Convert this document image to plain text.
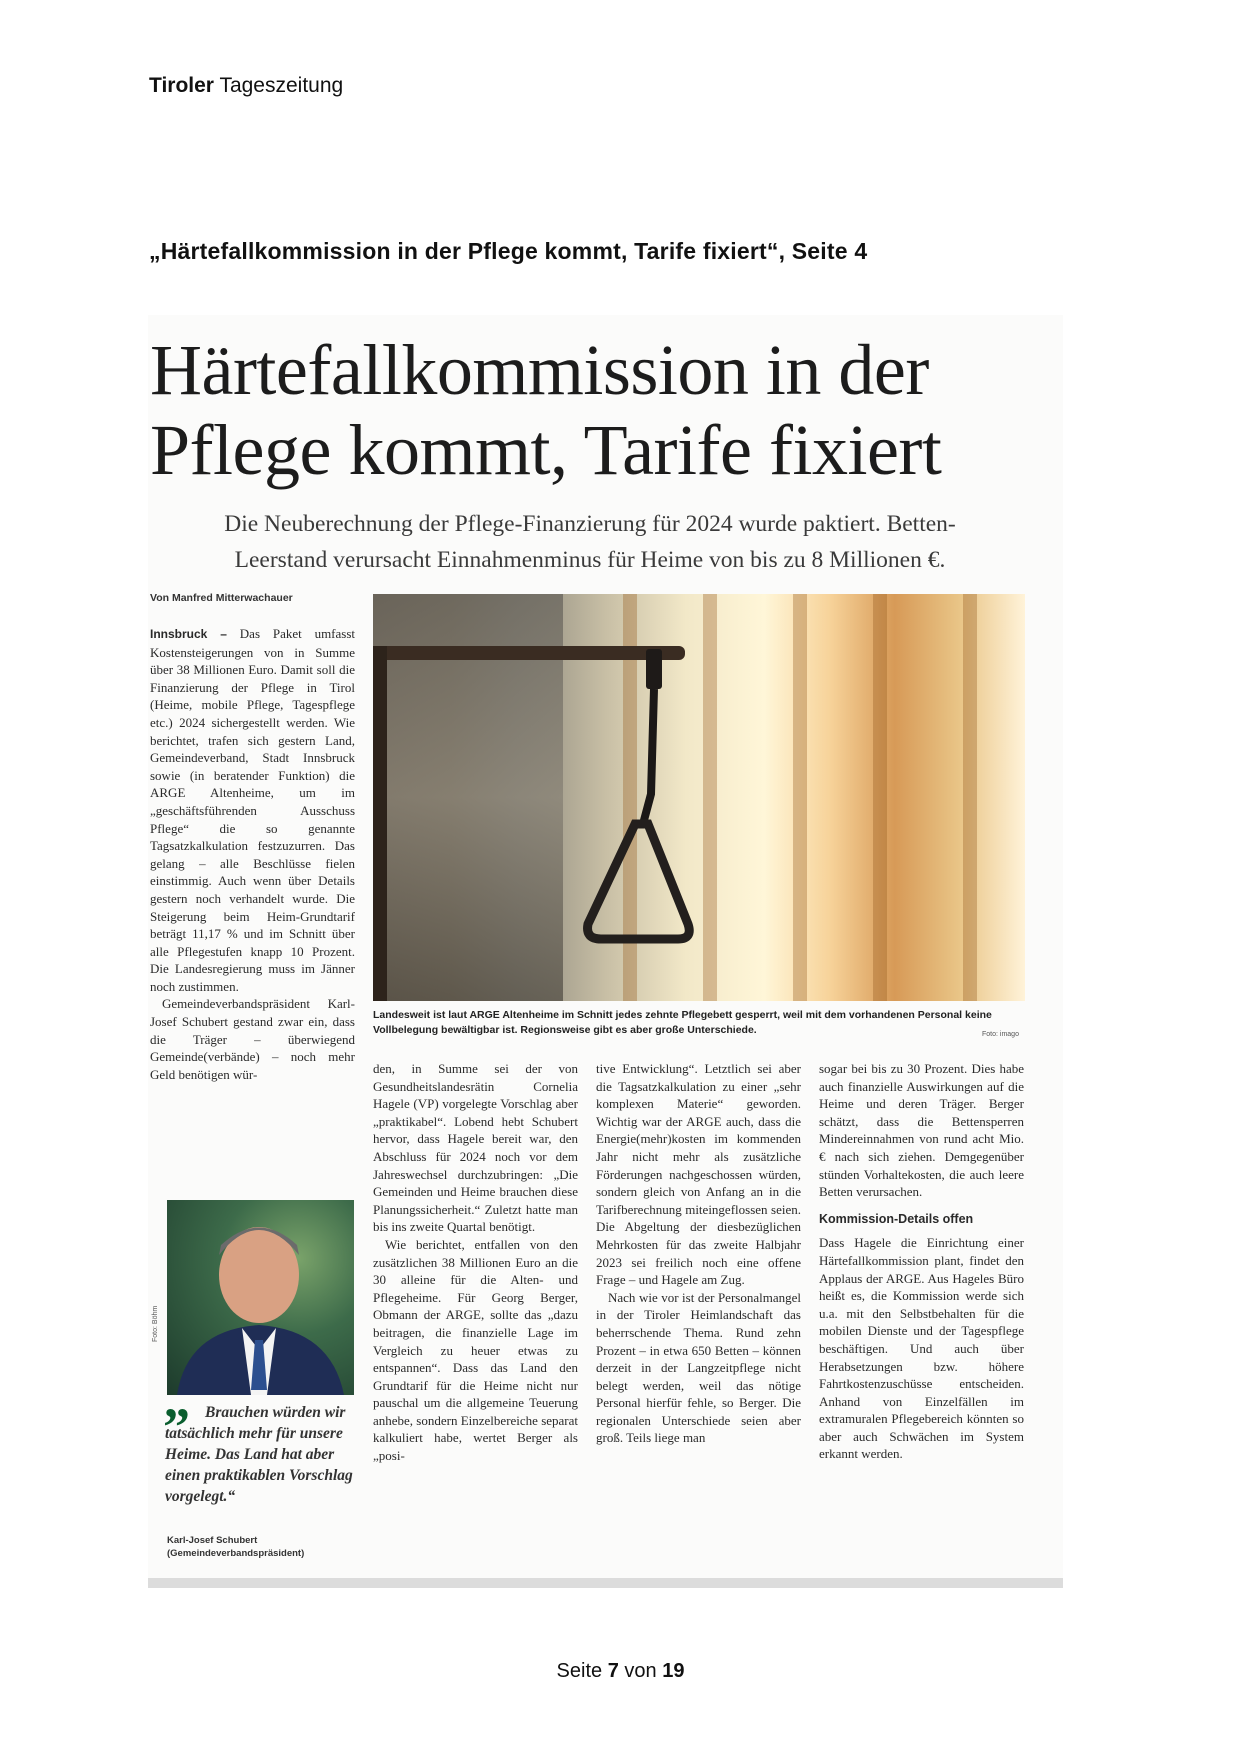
Tiroler Tageszeitung
„Härtefallkommission in der Pflege kommt, Tarife fixiert“, Seite 4
Härtefallkommission in der
Pflege kommt, Tarife fixiert
Die Neuberechnung der Pflege-Finanzierung für 2024 wurde paktiert. Betten-
Leerstand verursacht Einnahmenminus für Heime von bis zu 8 Millionen €.
Von Manfred Mitterwachauer

Innsbruck – Das Paket umfasst Kostensteigerungen von in Summe über 38 Millionen Euro. Damit soll die Finanzierung der Pflege in Tirol (Heime, mobile Pflege, Tagespflege etc.) 2024 sichergestellt werden. Wie berichtet, trafen sich gestern Land, Gemeindeverband, Stadt Innsbruck sowie (in beratender Funktion) die ARGE Altenheime, um im „geschäftsführenden Ausschuss Pflege“ die so genannte Tagsatzkalkulation festzuzurren. Das gelang – alle Beschlüsse fielen einstimmig. Auch wenn über Details gestern noch verhandelt wurde. Die Steigerung beim Heim-Grundtarif beträgt 11,17 % und im Schnitt über alle Pflegestufen knapp 10 Prozent. Die Landesregierung muss im Jänner noch zustimmen.

Gemeindeverbandspräsident Karl-Josef Schubert gestand zwar ein, dass die Träger – überwiegend Gemeinde(verbände) – noch mehr Geld benötigen wür-

Landesweit ist laut ARGE Altenheime im Schnitt jedes zehnte Pflegebett gesperrt, weil mit dem vorhandenen Personal keine Vollbelegung bewältigbar ist. Regionsweise gibt es aber große Unterschiede.	Foto: imago

den, in Summe sei der von Gesundheitslandesrätin Cornelia Hagele (VP) vorgelegte Vorschlag aber „praktikabel“. Lobend hebt Schubert hervor, dass Hagele bereit war, den Abschluss für 2024 noch vor dem Jahreswechsel durchzubringen: „Die Gemeinden und Heime brauchen diese Planungssicherheit.“ Zuletzt hatte man bis ins zweite Quartal benötigt.

Wie berichtet, entfallen von den zusätzlichen 38 Millionen Euro an die 30 alleine für die Alten- und Pflegeheime. Für Georg Berger, Obmann der ARGE, sollte das „dazu beitragen, die finanzielle Lage im Vergleich zu heuer etwas zu entspannen“. Dass das Land den Grundtarif für die Heime nicht nur pauschal um die allgemeine Teuerung anhebe, sondern Einzelbereiche separat kalkuliert habe, wertet Berger als „posi-

tive Entwicklung“. Letztlich sei aber die Tagsatzkalkulation zu einer „sehr komplexen Materie“ geworden. Wichtig war der ARGE auch, dass die Energie(mehr)kosten im kommenden Jahr nicht mehr als zusätzliche Förderungen nachgeschossen würden, sondern gleich von Anfang an in die Tarifberechnung miteingeflossen seien. Die Abgeltung der diesbezüglichen Mehrkosten für das zweite Halbjahr 2023 sei freilich noch eine offene Frage – und Hagele am Zug.

Nach wie vor ist der Personalmangel in der Tiroler Heimlandschaft das beherrschende Thema. Rund zehn Prozent – in etwa 650 Betten – können derzeit in der Langzeitpflege nicht belegt werden, weil das nötige Personal hierfür fehle, so Berger. Die regionalen Unterschiede seien aber groß. Teils liege man

sogar bei bis zu 30 Prozent. Dies habe auch finanzielle Auswirkungen auf die Heime und deren Träger. Berger schätzt, dass die Bettensperren Mindereinnahmen von rund acht Mio. € nach sich ziehen. Demgegenüber stünden Vorhaltekosten, die auch leere Betten verursachen.

Kommission-Details offen

Dass Hagele die Einrichtung einer Härtefallkommission plant, findet den Applaus der ARGE. Aus Hageles Büro heißt es, die Kommission werde sich u.a. mit den Selbstbehalten für die mobilen Dienste und der Tagespflege beschäftigen. Und auch über Herabsetzungen bzw. höhere Fahrtkostenzuschüsse entscheiden. Anhand von Einzelfällen im extramuralen Pflegebereich könnten so aber auch Schwächen im System erkannt werden.

Foto: Böhm
” Brauchen würden wir tatsächlich mehr für unsere Heime. Das Land hat aber einen praktikablen Vorschlag vorgelegt.“
Karl-Josef Schubert
(Gemeindeverbandspräsident)
Seite 7 von 19
